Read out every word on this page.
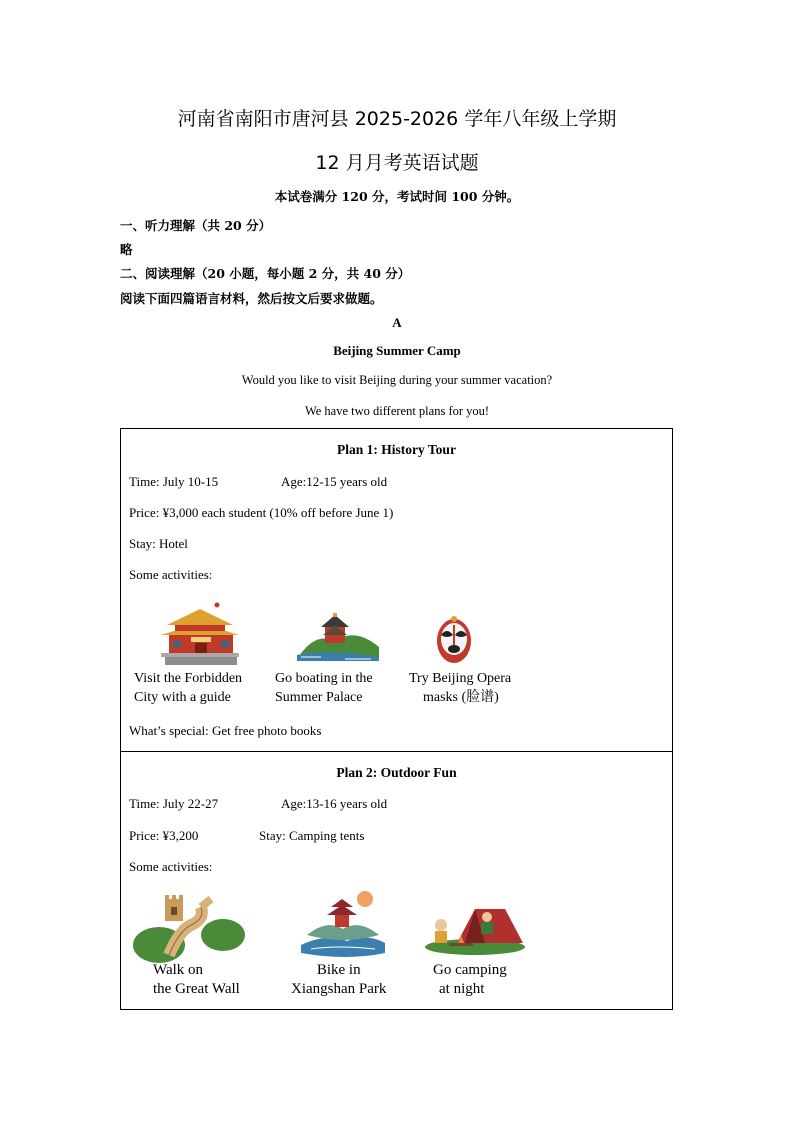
河南省南阳市唐河县 2025-2026 学年八年级上学期
12 月月考英语试题
本试卷满分 120 分，考试时间 100 分钟。
一、听力理解（共 20 分）
略
二、阅读理解（20 小题，每小题 2 分，共 40 分）
阅读下面四篇语言材料，然后按文后要求做题。
A
Beijing Summer Camp
Would you like to visit Beijing during your summer vacation?
We have two different plans for you!
Plan 1: History Tour
Time: July 10-15	Age:12-15 years old
Price: ¥3,000 each student (10% off before June 1)
Stay: Hotel
Some activities:
Visit the Forbidden
City with a guide
Go boating in the
Summer Palace
Try Beijing Opera
masks (脸谱)
What’s special: Get free photo books
Plan 2: Outdoor Fun
Time: July 22-27	Age:13-16 years old
Price: ¥3,200	Stay: Camping tents
Some activities:
Walk on
the Great Wall
Bike in
Xiangshan Park
Go camping
at night
